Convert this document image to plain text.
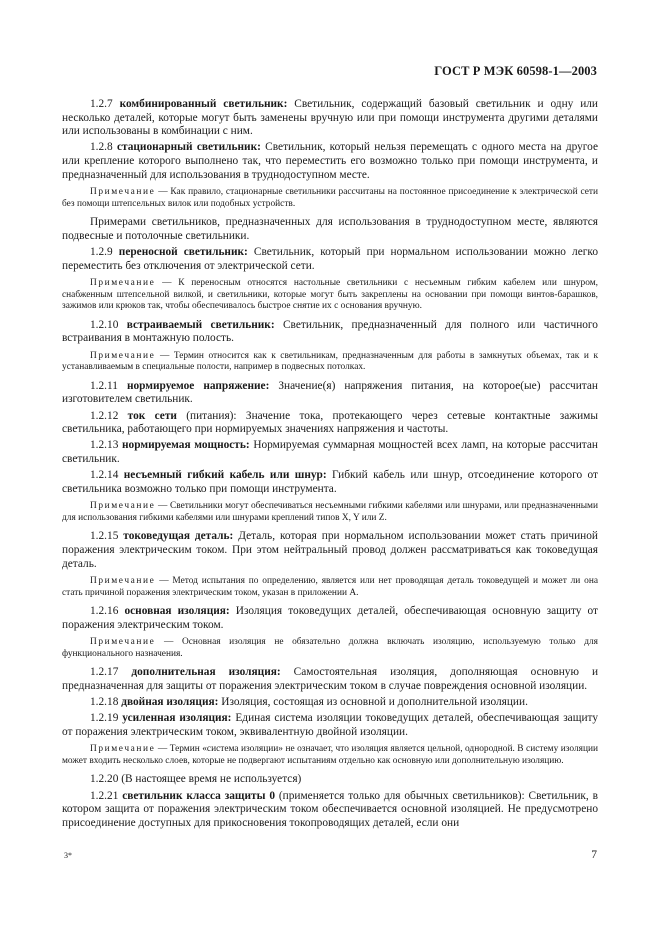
ГОСТ Р МЭК 60598-1—2003

1.2.7 комбинированный светильник: Светильник, содержащий базовый светильник и одну или несколько деталей, которые могут быть заменены вручную или при помощи инструмента другими деталями или использованы в комбинации с ним.

1.2.8 стационарный светильник: Светильник, который нельзя перемещать с одного места на другое или крепление которого выполнено так, что переместить его возможно только при помощи инструмента, и предназначенный для использования в труднодоступном месте.

Примечание — Как правило, стационарные светильники рассчитаны на постоянное присоединение к электрической сети без помощи штепсельных вилок или подобных устройств.

Примерами светильников, предназначенных для использования в труднодоступном месте, являются подвесные и потолочные светильники.

1.2.9 переносной светильник: Светильник, который при нормальном использовании можно легко переместить без отключения от электрической сети.

Примечание — К переносным относятся настольные светильники с несъемным гибким кабелем или шнуром, снабженным штепсельной вилкой, и светильники, которые могут быть закреплены на основании при помощи винтов-барашков, зажимов или крюков так, чтобы обеспечивалось быстрое снятие их с основания вручную.

1.2.10 встраиваемый светильник: Светильник, предназначенный для полного или частичного встраивания в монтажную полость.

Примечание — Термин относится как к светильникам, предназначенным для работы в замкнутых объемах, так и к устанавливаемым в специальные полости, например в подвесных потолках.

1.2.11 нормируемое напряжение: Значение(я) напряжения питания, на которое(ые) рассчитан изготовителем светильник.

1.2.12 ток сети (питания): Значение тока, протекающего через сетевые контактные зажимы светильника, работающего при нормируемых значениях напряжения и частоты.

1.2.13 нормируемая мощность: Нормируемая суммарная мощностей всех ламп, на которые рассчитан светильник.

1.2.14 несъемный гибкий кабель или шнур: Гибкий кабель или шнур, отсоединение которого от светильника возможно только при помощи инструмента.

Примечание — Светильники могут обеспечиваться несъемными гибкими кабелями или шнурами, или предназначенными для использования гибкими кабелями или шнурами креплений типов X, Y или Z.

1.2.15 токоведущая деталь: Деталь, которая при нормальном использовании может стать причиной поражения электрическим током. При этом нейтральный провод должен рассматриваться как токоведущая деталь.

Примечание — Метод испытания по определению, является или нет проводящая деталь токоведущей и может ли она стать причиной поражения электрическим током, указан в приложении А.

1.2.16 основная изоляция: Изоляция токоведущих деталей, обеспечивающая основную защиту от поражения электрическим током.

Примечание — Основная изоляция не обязательно должна включать изоляцию, используемую только для функционального назначения.

1.2.17 дополнительная изоляция: Самостоятельная изоляция, дополняющая основную и предназначенная для защиты от поражения электрическим током в случае повреждения основной изоляции.

1.2.18 двойная изоляция: Изоляция, состоящая из основной и дополнительной изоляции.

1.2.19 усиленная изоляция: Единая система изоляции токоведущих деталей, обеспечивающая защиту от поражения электрическим током, эквивалентную двойной изоляции.

Примечание — Термин «система изоляции» не означает, что изоляция является цельной, однородной. В систему изоляции может входить несколько слоев, которые не подвергают испытаниям отдельно как основную или дополнительную изоляцию.

1.2.20 (В настоящее время не используется)

1.2.21 светильник класса защиты 0 (применяется только для обычных светильников): Светильник, в котором защита от поражения электрическим током обеспечивается основной изоляцией. Не предусмотрено присоединение доступных для прикосновения токопроводящих деталей, если они

3*	7
